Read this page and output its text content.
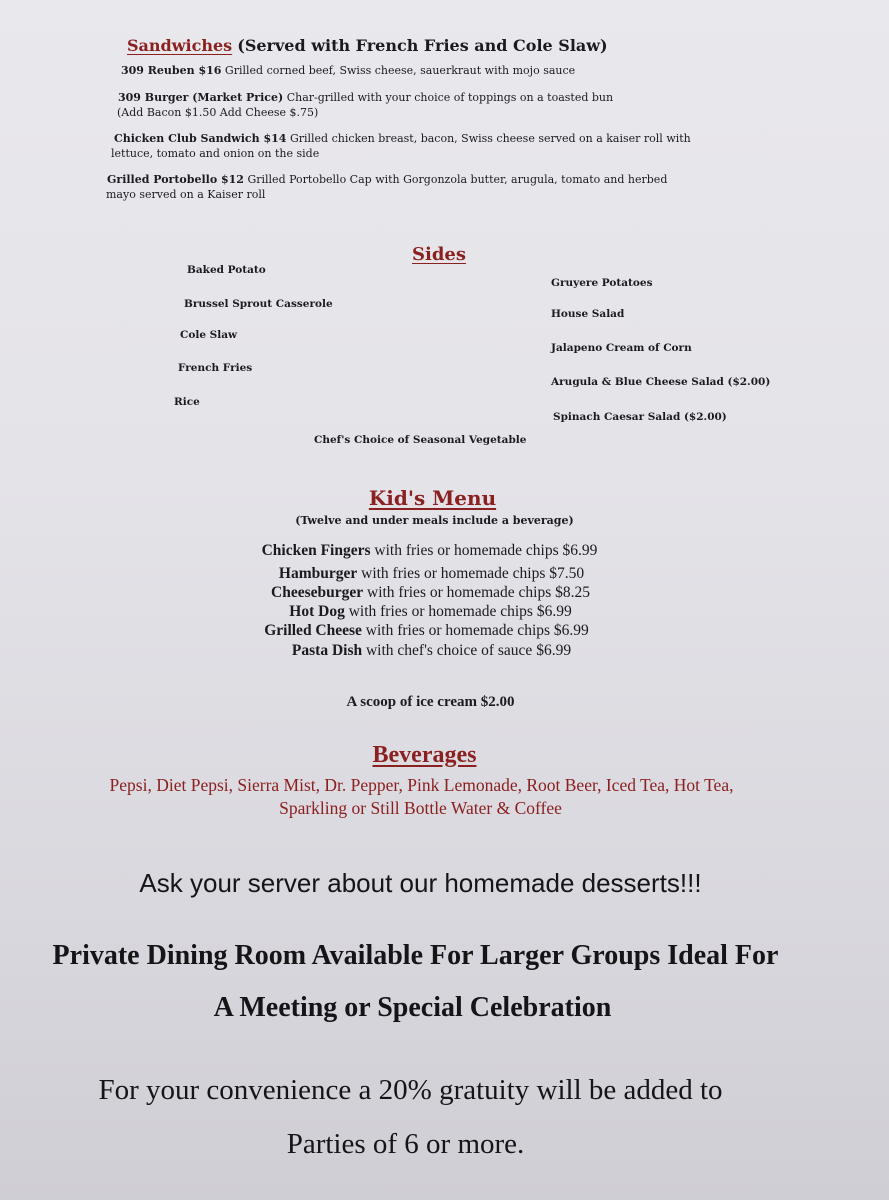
Sandwiches (Served with French Fries and Cole Slaw)
309 Reuben $16 Grilled corned beef, Swiss cheese, sauerkraut with mojo sauce
309 Burger (Market Price) Char-grilled with your choice of toppings on a toasted bun
(Add Bacon $1.50 Add Cheese $.75)
Chicken Club Sandwich $14 Grilled chicken breast, bacon, Swiss cheese served on a kaiser roll with
lettuce, tomato and onion on the side
Grilled Portobello $12 Grilled Portobello Cap with Gorgonzola butter, arugula, tomato and herbed
mayo served on a Kaiser roll
Sides
Baked Potato
Brussel Sprout Casserole
Cole Slaw
French Fries
Rice
Gruyere Potatoes
House Salad
Jalapeno Cream of Corn
Arugula & Blue Cheese Salad ($2.00)
Spinach Caesar Salad ($2.00)
Chef's Choice of Seasonal Vegetable
Kid's Menu
(Twelve and under meals include a beverage)
Chicken Fingers with fries or homemade chips $6.99
Hamburger with fries or homemade chips $7.50
Cheeseburger with fries or homemade chips $8.25
Hot Dog with fries or homemade chips $6.99
Grilled Cheese with fries or homemade chips $6.99
Pasta Dish with chef's choice of sauce $6.99
A scoop of ice cream $2.00
Beverages
Pepsi, Diet Pepsi, Sierra Mist, Dr. Pepper, Pink Lemonade, Root Beer, Iced Tea, Hot Tea,
Sparkling or Still Bottle Water & Coffee
Ask your server about our homemade desserts!!!
Private Dining Room Available For Larger Groups Ideal For
A Meeting or Special Celebration
For your convenience a 20% gratuity will be added to
Parties of 6 or more.
